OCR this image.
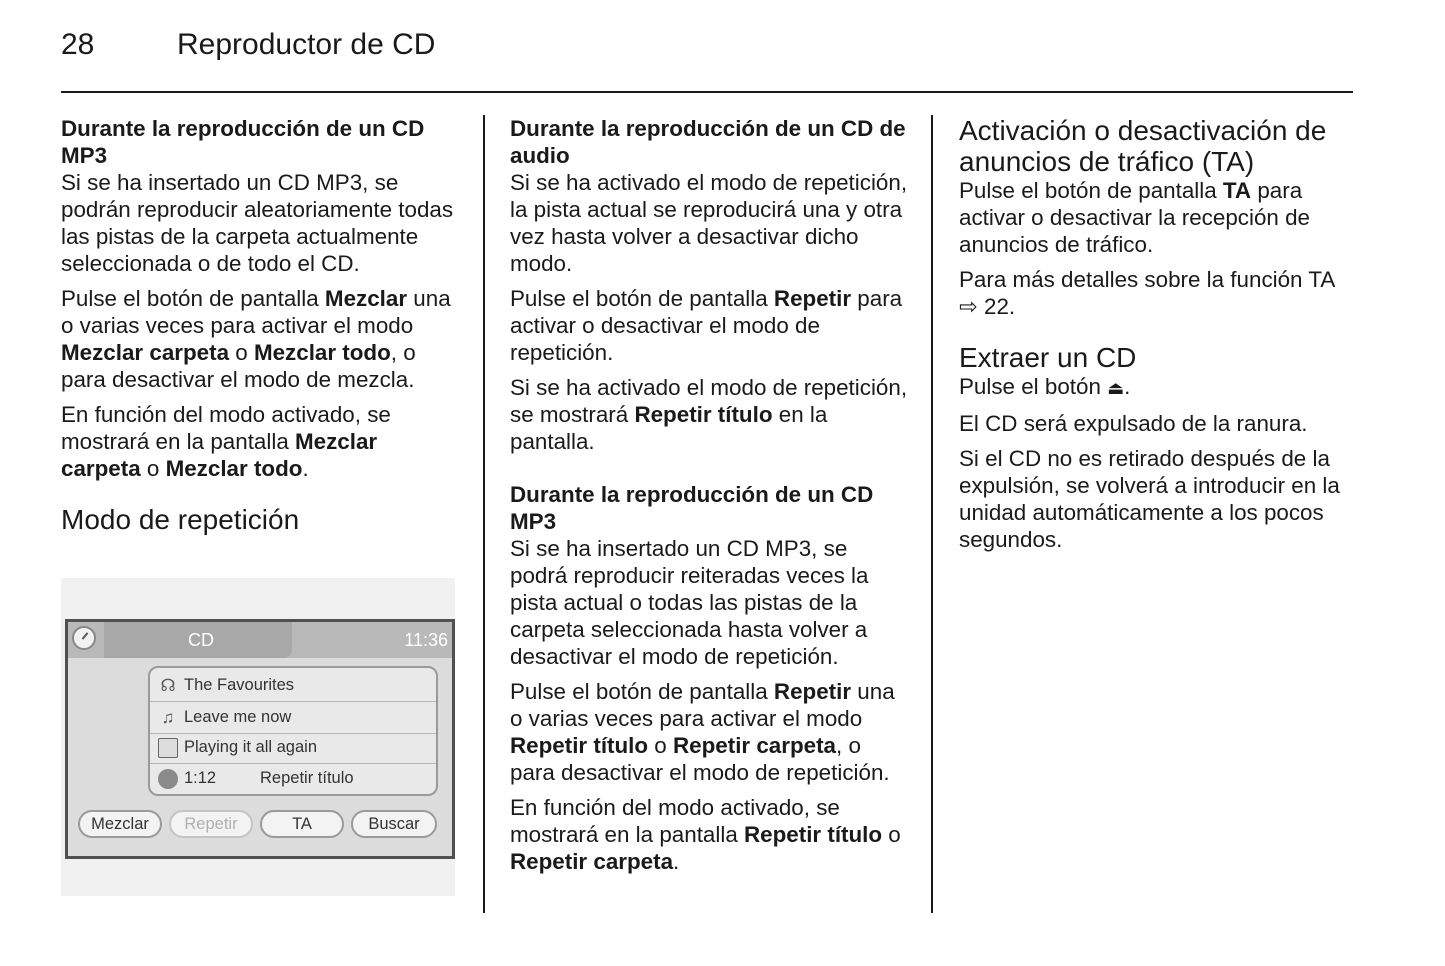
28	Reproductor de CD
Durante la reproducción de un CD MP3

Si se ha insertado un CD MP3, se podrán reproducir aleatoriamente todas las pistas de la carpeta actualmente seleccionada o de todo el CD.

Pulse el botón de pantalla Mezclar una o varias veces para activar el modo Mezclar carpeta o Mezclar todo, o para desactivar el modo de mezcla.

En función del modo activado, se mostrará en la pantalla Mezclar carpeta o Mezclar todo.

Modo de repetición
CD	11:36
☊ The Favourites
♫ Leave me now
Playing it all again
1:12	Repetir título
Mezclar	Repetir	TA	Buscar
Durante la reproducción de un CD de audio

Si se ha activado el modo de repetición, la pista actual se reproducirá una y otra vez hasta volver a desactivar dicho modo.

Pulse el botón de pantalla Repetir para activar o desactivar el modo de repetición.

Si se ha activado el modo de repetición, se mostrará Repetir título en la pantalla.

Durante la reproducción de un CD MP3

Si se ha insertado un CD MP3, se podrá reproducir reiteradas veces la pista actual o todas las pistas de la carpeta seleccionada hasta volver a desactivar el modo de repetición.

Pulse el botón de pantalla Repetir una o varias veces para activar el modo Repetir título o Repetir carpeta, o para desactivar el modo de repetición.

En función del modo activado, se mostrará en la pantalla Repetir título o Repetir carpeta.

Activación o desactivación de anuncios de tráfico (TA)

Pulse el botón de pantalla TA para activar o desactivar la recepción de anuncios de tráfico.

Para más detalles sobre la función TA ⇨ 22.

Extraer un CD

Pulse el botón ⏏.

El CD será expulsado de la ranura.

Si el CD no es retirado después de la expulsión, se volverá a introducir en la unidad automáticamente a los pocos segundos.
